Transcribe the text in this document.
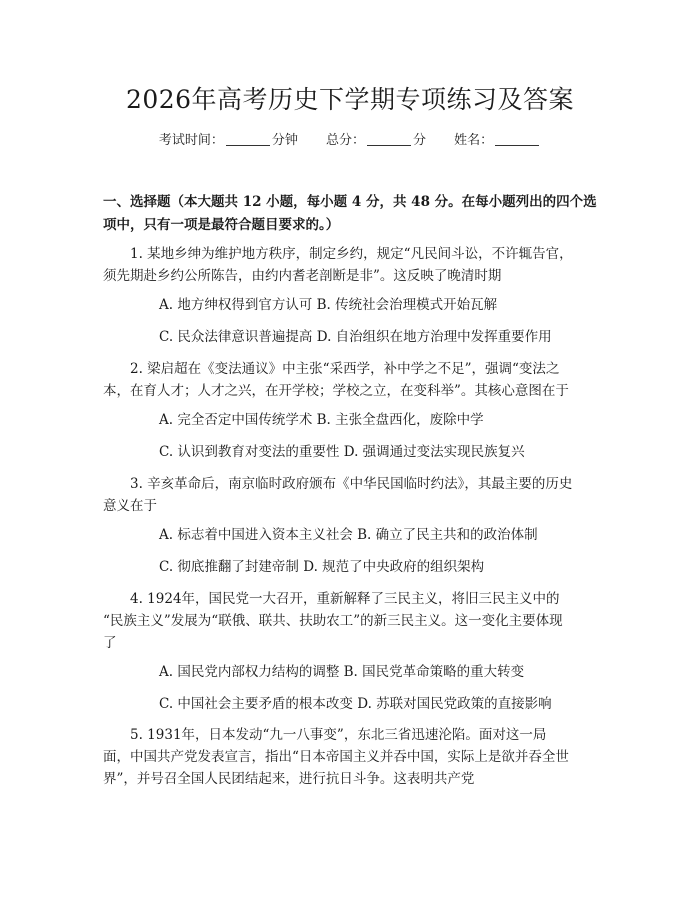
2026年高考历史下学期专项练习及答案
考试时间：	分钟 总分：	分 姓名：
一、选择题（本大题共 12 小题，每小题 4 分，共 48 分。在每小题列出的四个选
项中，只有一项是最符合题目要求的。）
1. 某地乡绅为维护地方秩序，制定乡约，规定“凡民间斗讼，不许辄告官，
须先期赴乡约公所陈告，由约内耆老剖断是非”。这反映了晚清时期
A. 地方绅权得到官方认可 B. 传统社会治理模式开始瓦解
C. 民众法律意识普遍提高 D. 自治组织在地方治理中发挥重要作用
2. 梁启超在《变法通议》中主张“采西学，补中学之不足”，强调“变法之
本，在育人才；人才之兴，在开学校；学校之立，在变科举”。其核心意图在于
A. 完全否定中国传统学术 B. 主张全盘西化，废除中学
C. 认识到教育对变法的重要性 D. 强调通过变法实现民族复兴
3. 辛亥革命后，南京临时政府颁布《中华民国临时约法》，其最主要的历史
意义在于
A. 标志着中国进入资本主义社会 B. 确立了民主共和的政治体制
C. 彻底推翻了封建帝制 D. 规范了中央政府的组织架构
4. 1924年，国民党一大召开，重新解释了三民主义，将旧三民主义中的
“民族主义”发展为“联俄、联共、扶助农工”的新三民主义。这一变化主要体现
了
A. 国民党内部权力结构的调整 B. 国民党革命策略的重大转变
C. 中国社会主要矛盾的根本改变 D. 苏联对国民党政策的直接影响
5. 1931年，日本发动“九一八事变”，东北三省迅速沦陷。面对这一局
面，中国共产党发表宣言，指出“日本帝国主义并吞中国，实际上是欲并吞全世
界”，并号召全国人民团结起来，进行抗日斗争。这表明共产党
